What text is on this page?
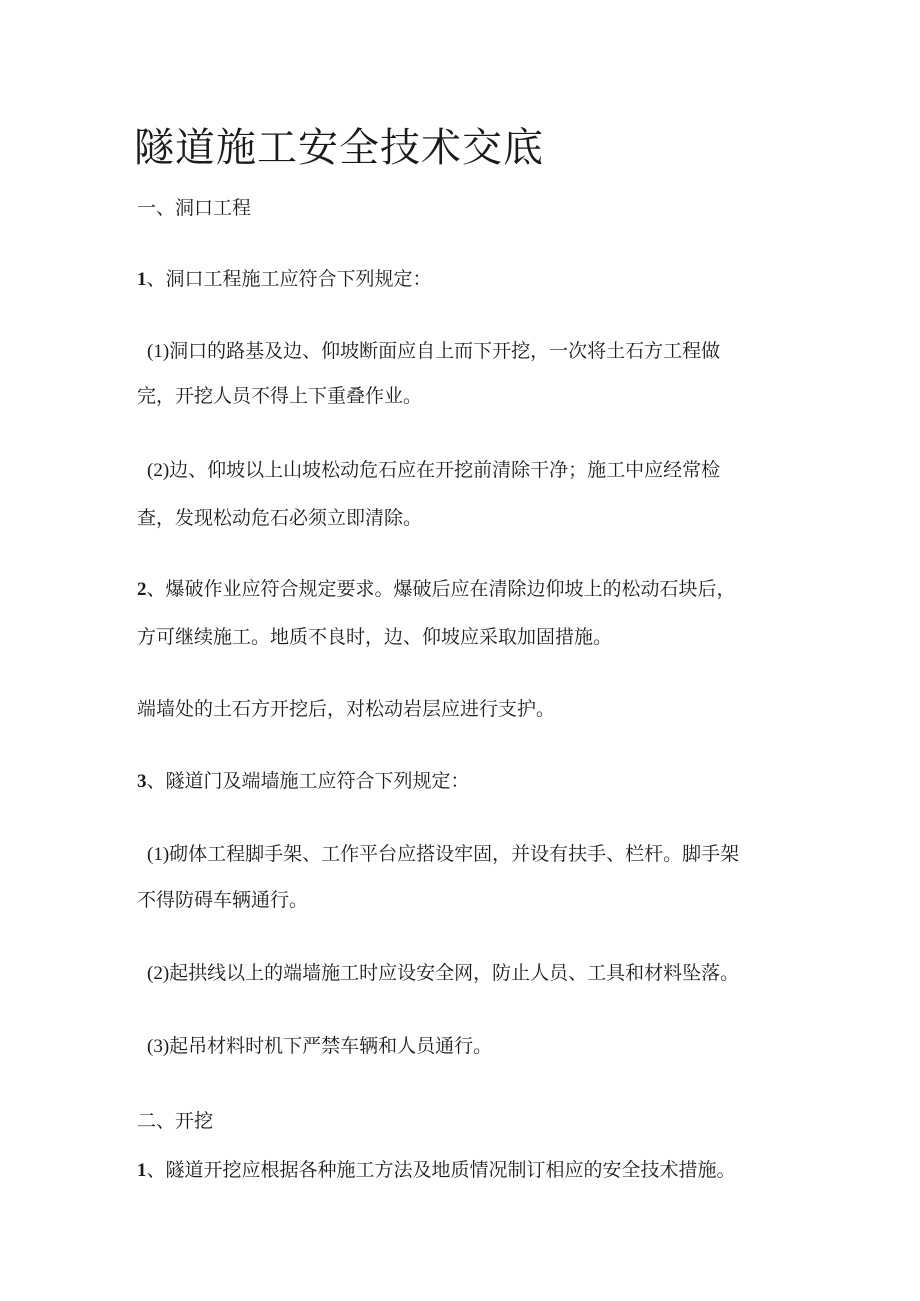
隧道施工安全技术交底
一、洞口工程
1、洞口工程施工应符合下列规定：
(1)洞口的路基及边、仰坡断面应自上而下开挖，一次将土石方工程做
完，开挖人员不得上下重叠作业。
(2)边、仰坡以上山坡松动危石应在开挖前清除干净；施工中应经常检
查，发现松动危石必须立即清除。
2、爆破作业应符合规定要求。爆破后应在清除边仰坡上的松动石块后，
方可继续施工。地质不良时，边、仰坡应采取加固措施。
端墙处的土石方开挖后，对松动岩层应进行支护。
3、隧道门及端墙施工应符合下列规定：
(1)砌体工程脚手架、工作平台应搭设牢固，并设有扶手、栏杆。脚手架
不得防碍车辆通行。
(2)起拱线以上的端墙施工时应设安全网，防止人员、工具和材料坠落。
(3)起吊材料时机下严禁车辆和人员通行。
二、开挖
1、隧道开挖应根据各种施工方法及地质情况制订相应的安全技术措施。
